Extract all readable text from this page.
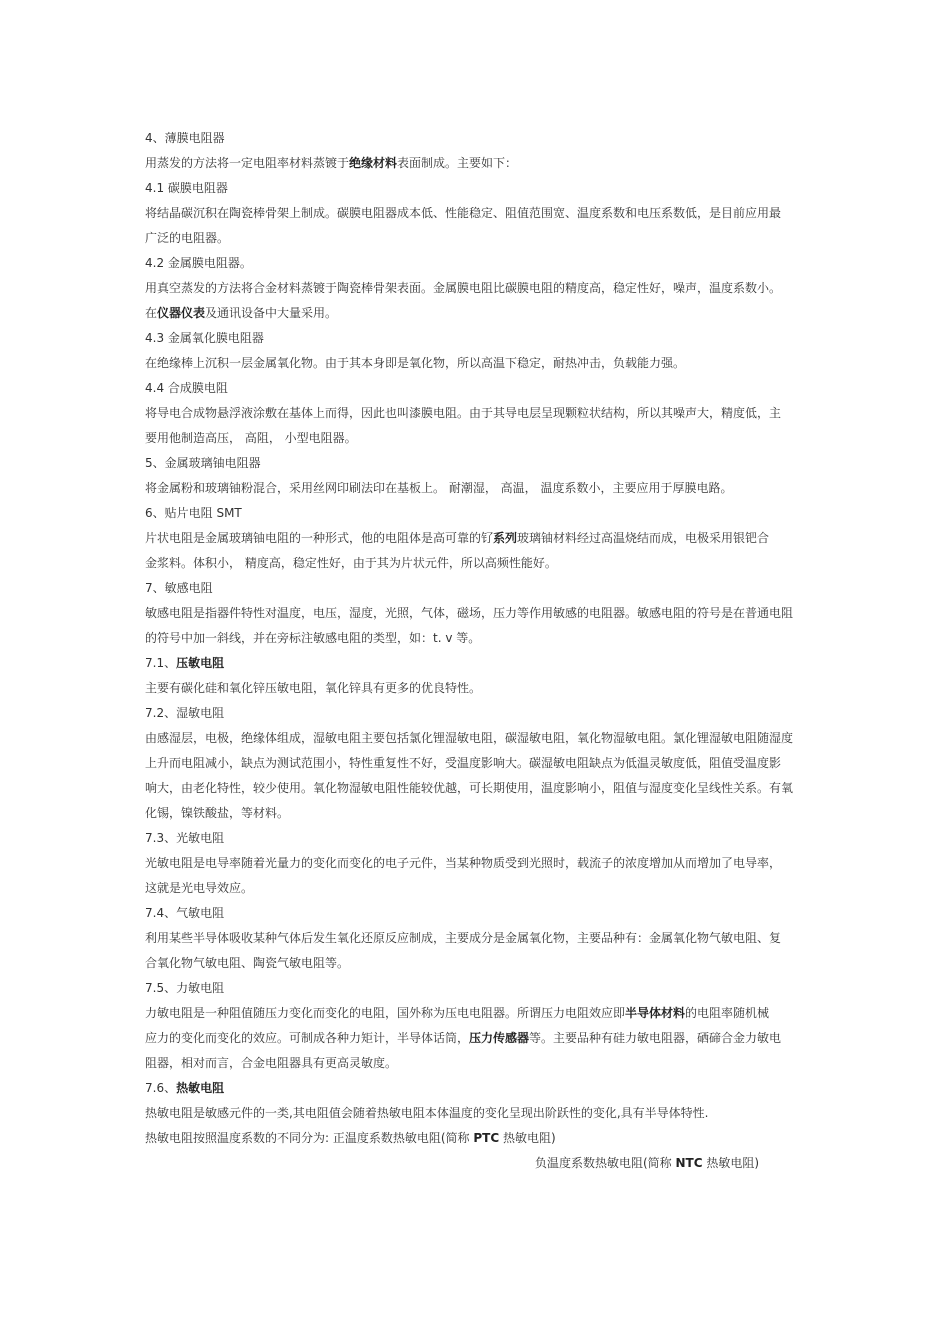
4、薄膜电阻器
用蒸发的方法将一定电阻率材料蒸镀于绝缘材料表面制成。主要如下：
4.1 碳膜电阻器
将结晶碳沉积在陶瓷棒骨架上制成。碳膜电阻器成本低、性能稳定、阻值范围宽、温度系数和电压系数低，是目前应用最
广泛的电阻器。
4.2 金属膜电阻器。
用真空蒸发的方法将合金材料蒸镀于陶瓷棒骨架表面。金属膜电阻比碳膜电阻的精度高，稳定性好，噪声，温度系数小。
在仪器仪表及通讯设备中大量采用。
4.3 金属氧化膜电阻器
在绝缘棒上沉积一层金属氧化物。由于其本身即是氧化物，所以高温下稳定，耐热冲击，负载能力强。
4.4 合成膜电阻
将导电合成物悬浮液涂敷在基体上而得，因此也叫漆膜电阻。由于其导电层呈现颗粒状结构，所以其噪声大，精度低，主
要用他制造高压， 高阻， 小型电阻器。
5、金属玻璃铀电阻器
将金属粉和玻璃铀粉混合，采用丝网印刷法印在基板上。 耐潮湿， 高温， 温度系数小，主要应用于厚膜电路。
6、贴片电阻 SMT
片状电阻是金属玻璃铀电阻的一种形式，他的电阻体是高可靠的钌系列玻璃铀材料经过高温烧结而成，电极采用银钯合
金浆料。体积小， 精度高，稳定性好，由于其为片状元件，所以高频性能好。
7、敏感电阻
敏感电阻是指器件特性对温度，电压，湿度，光照，气体，磁场，压力等作用敏感的电阻器。敏感电阻的符号是在普通电阻
的符号中加一斜线，并在旁标注敏感电阻的类型，如：t. v 等。
7.1、压敏电阻
主要有碳化硅和氧化锌压敏电阻，氧化锌具有更多的优良特性。
7.2、湿敏电阻
由感湿层，电极，绝缘体组成，湿敏电阻主要包括氯化锂湿敏电阻，碳湿敏电阻，氧化物湿敏电阻。氯化锂湿敏电阻随湿度
上升而电阻减小，缺点为测试范围小，特性重复性不好，受温度影响大。碳湿敏电阻缺点为低温灵敏度低，阻值受温度影
响大，由老化特性，较少使用。氧化物湿敏电阻性能较优越，可长期使用，温度影响小，阻值与湿度变化呈线性关系。有氧
化锡，镍铁酸盐，等材料。
7.3、光敏电阻
光敏电阻是电导率随着光量力的变化而变化的电子元件，当某种物质受到光照时，载流子的浓度增加从而增加了电导率，
这就是光电导效应。
7.4、气敏电阻
利用某些半导体吸收某种气体后发生氧化还原反应制成，主要成分是金属氧化物，主要品种有：金属氧化物气敏电阻、复
合氧化物气敏电阻、陶瓷气敏电阻等。
7.5、力敏电阻
力敏电阻是一种阻值随压力变化而变化的电阻，国外称为压电电阻器。所谓压力电阻效应即半导体材料的电阻率随机械
应力的变化而变化的效应。可制成各种力矩计，半导体话筒，压力传感器等。主要品种有硅力敏电阻器，硒碲合金力敏电
阻器，相对而言，合金电阻器具有更高灵敏度。
7.6、热敏电阻
热敏电阻是敏感元件的一类,其电阻值会随着热敏电阻本体温度的变化呈现出阶跃性的变化,具有半导体特性.
热敏电阻按照温度系数的不同分为: 正温度系数热敏电阻(简称 PTC 热敏电阻)
负温度系数热敏电阻(简称 NTC 热敏电阻)
